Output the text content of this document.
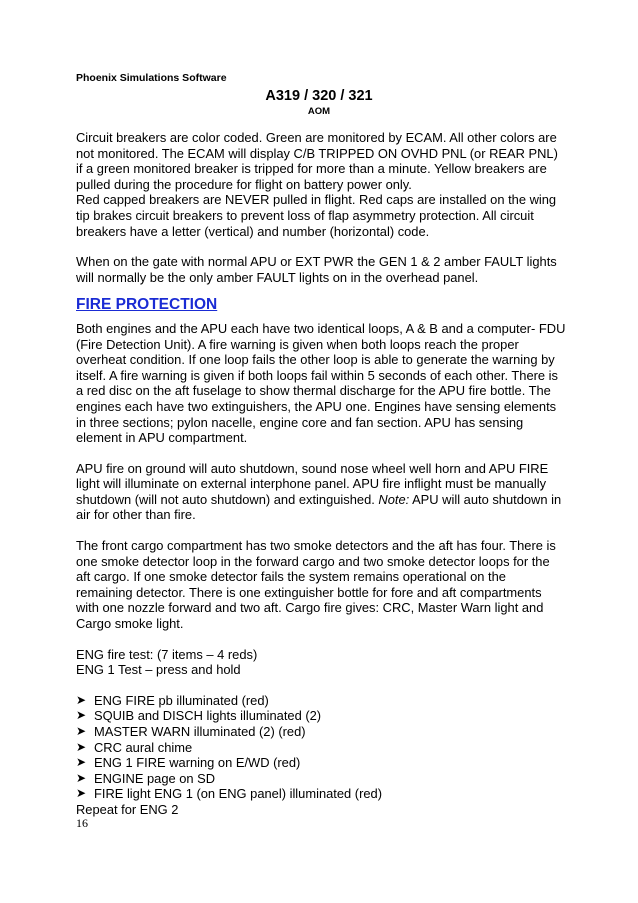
Phoenix Simulations Software
A319 / 320 / 321
AOM

Circuit breakers are color coded. Green are monitored by ECAM. All other colors are not monitored. The ECAM will display C/B TRIPPED ON OVHD PNL (or REAR PNL) if a green monitored breaker is tripped for more than a minute. Yellow breakers are pulled during the procedure for flight on battery power only.

Red capped breakers are NEVER pulled in flight. Red caps are installed on the wing tip brakes circuit breakers to prevent loss of flap asymmetry protection. All circuit breakers have a letter (vertical) and number (horizontal) code.

When on the gate with normal APU or EXT PWR the GEN 1 & 2 amber FAULT lights will normally be the only amber FAULT lights on in the overhead panel.

FIRE PROTECTION

Both engines and the APU each have two identical loops, A & B and a computer- FDU (Fire Detection Unit). A fire warning is given when both loops reach the proper overheat condition. If one loop fails the other loop is able to generate the warning by itself. A fire warning is given if both loops fail within 5 seconds of each other. There is a red disc on the aft fuselage to show thermal discharge for the APU fire bottle. The engines each have two extinguishers, the APU one. Engines have sensing elements in three sections; pylon nacelle, engine core and fan section. APU has sensing element in APU compartment.

APU fire on ground will auto shutdown, sound nose wheel well horn and APU FIRE light will illuminate on external interphone panel. APU fire inflight must be manually shutdown (will not auto shutdown) and extinguished. Note: APU will auto shutdown in air for other than fire.

The front cargo compartment has two smoke detectors and the aft has four. There is one smoke detector loop in the forward cargo and two smoke detector loops for the aft cargo. If one smoke detector fails the system remains operational on the remaining detector. There is one extinguisher bottle for fore and aft compartments with one nozzle forward and two aft. Cargo fire gives: CRC, Master Warn light and Cargo smoke light.

ENG fire test: (7 items – 4 reds)

ENG 1 Test – press and hold

➤ ENG FIRE pb illuminated (red)
➤ SQUIB and DISCH lights illuminated (2)
➤ MASTER WARN illuminated (2) (red)
➤ CRC aural chime
➤ ENG 1 FIRE warning on E/WD (red)
➤ ENGINE page on SD
➤ FIRE light ENG 1 (on ENG panel) illuminated (red)

Repeat for ENG 2

16
